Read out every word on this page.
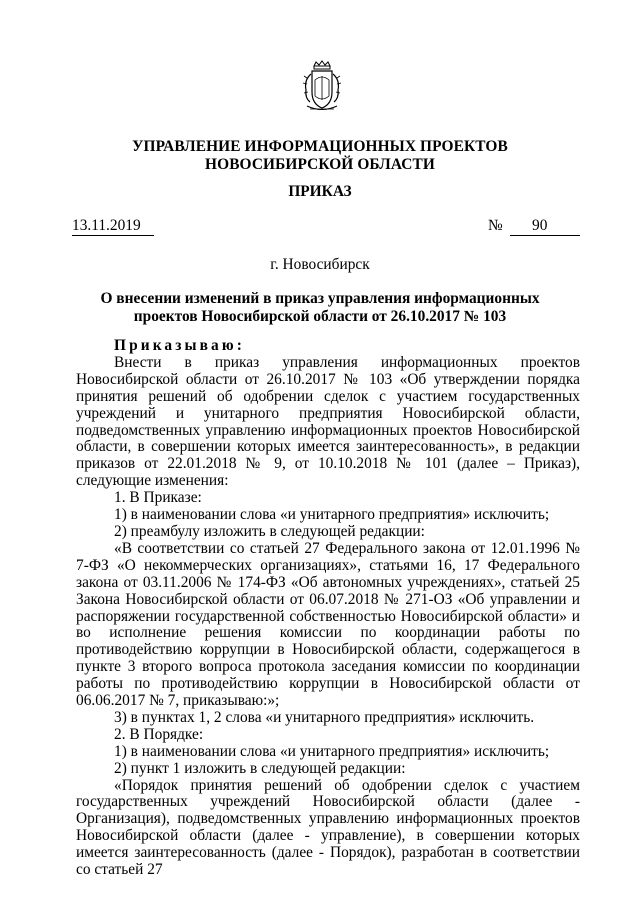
УПРАВЛЕНИЕ ИНФОРМАЦИОННЫХ ПРОЕКТОВ
НОВОСИБИРСКОЙ ОБЛАСТИ
ПРИКАЗ
13.11.2019	№	90
г. Новосибирск
О внесении изменений в приказ управления информационных
проектов Новосибирской области от 26.10.2017 № 103

Приказываю:

Внести в приказ управления информационных проектов Новосибирской области от 26.10.2017 № 103 «Об утверждении порядка принятия решений об одобрении сделок с участием государственных учреждений и унитарного предприятия Новосибирской области, подведомственных управлению информационных проектов Новосибирской области, в совершении которых имеется заинтересованность», в редакции приказов от 22.01.2018 № 9, от 10.10.2018 № 101 (далее – Приказ), следующие изменения:

1. В Приказе:

1) в наименовании слова «и унитарного предприятия» исключить;

2) преамбулу изложить в следующей редакции:

«В соответствии со статьей 27 Федерального закона от 12.01.1996 № 7-ФЗ «О некоммерческих организациях», статьями 16, 17 Федерального закона от 03.11.2006 № 174-ФЗ «Об автономных учреждениях», статьей 25 Закона Новосибирской области от 06.07.2018 № 271-ОЗ «Об управлении и распоряжении государственной собственностью Новосибирской области» и во исполнение решения комиссии по координации работы по противодействию коррупции в Новосибирской области, содержащегося в пункте 3 второго вопроса протокола заседания комиссии по координации работы по противодействию коррупции в Новосибирской области от 06.06.2017 № 7, приказываю:»;

3) в пунктах 1, 2 слова «и унитарного предприятия» исключить.

2. В Порядке:

1) в наименовании слова «и унитарного предприятия» исключить;

2) пункт 1 изложить в следующей редакции:

«Порядок принятия решений об одобрении сделок с участием государственных учреждений Новосибирской области (далее - Организация), подведомственных управлению информационных проектов Новосибирской области (далее - управление), в совершении которых имеется заинтересованность (далее - Порядок), разработан в соответствии со статьей 27
